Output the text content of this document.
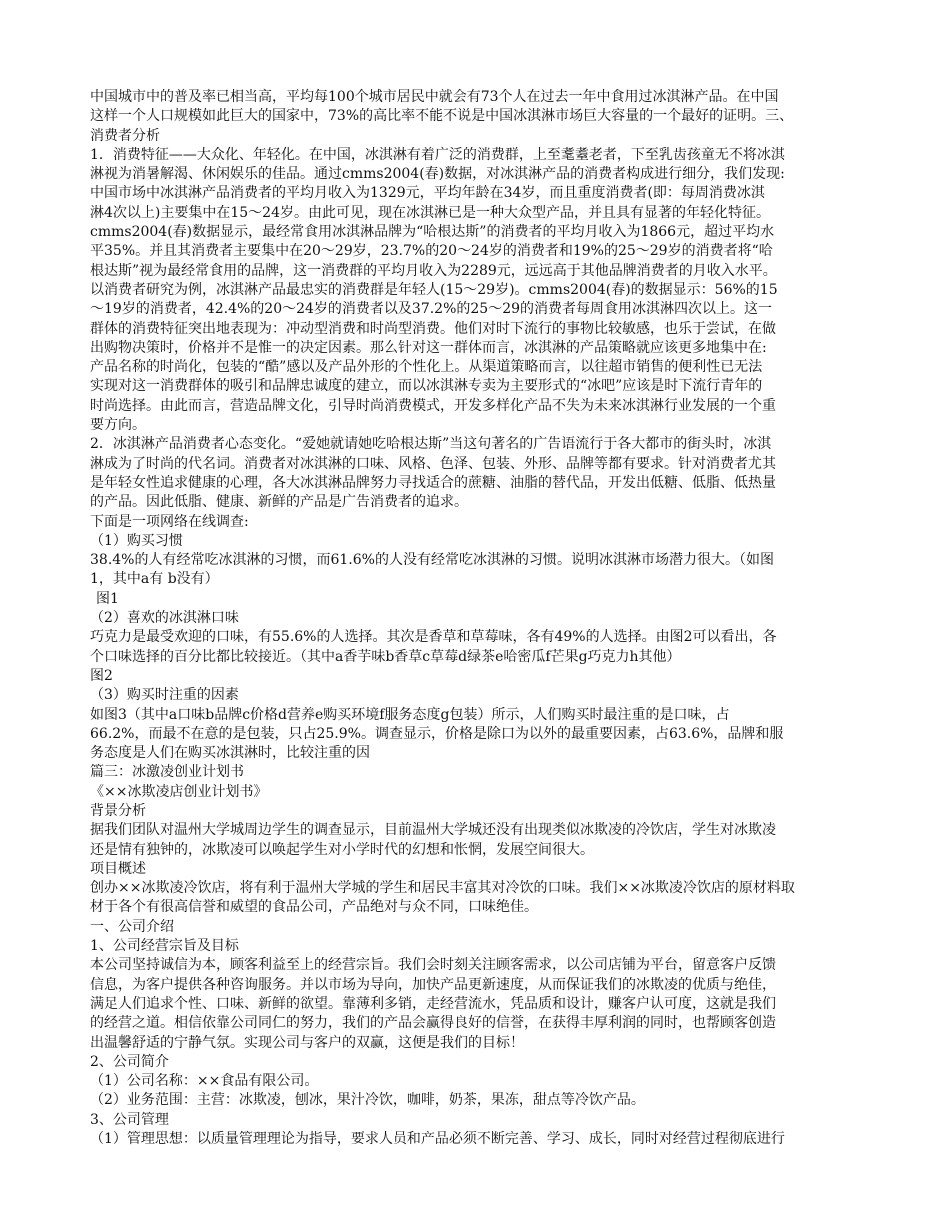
中国城市中的普及率已相当高，平均每100个城市居民中就会有73个人在过去一年中食用过冰淇淋产品。在中国
这样一个人口规模如此巨大的国家中，73%的高比率不能不说是中国冰淇淋市场巨大容量的一个最好的证明。三、
消费者分析
1．消费特征——大众化、年轻化。在中国，冰淇淋有着广泛的消费群，上至耄耋老者，下至乳齿孩童无不将冰淇
淋视为消暑解渴、休闲娱乐的佳品。通过cmms2004(春)数据，对冰淇淋产品的消费者构成进行细分，我们发现:
中国市场中冰淇淋产品消费者的平均月收入为1329元，平均年龄在34岁，而且重度消费者(即：每周消费冰淇
淋4次以上)主要集中在15～24岁。由此可见，现在冰淇淋已是一种大众型产品，并且具有显著的年轻化特征。
cmms2004(春)数据显示，最经常食用冰淇淋品牌为“哈根达斯”的消费者的平均月收入为1866元，超过平均水
平35%。并且其消费者主要集中在20～29岁，23.7%的20～24岁的消费者和19%的25～29岁的消费者将“哈
根达斯”视为最经常食用的品牌，这一消费群的平均月收入为2289元，远远高于其他品牌消费者的月收入水平。
以消费者研究为例，冰淇淋产品最忠实的消费群是年轻人(15～29岁)。cmms2004(春)的数据显示：56%的15
～19岁的消费者，42.4%的20～24岁的消费者以及37.2%的25～29的消费者每周食用冰淇淋四次以上。这一
群体的消费特征突出地表现为：冲动型消费和时尚型消费。他们对时下流行的事物比较敏感，也乐于尝试，在做
出购物决策时，价格并不是惟一的决定因素。那么针对这一群体而言，冰淇淋的产品策略就应该更多地集中在:
产品名称的时尚化，包装的“酷”感以及产品外形的个性化上。从渠道策略而言，以往超市销售的便利性已无法
实现对这一消费群体的吸引和品牌忠诚度的建立，而以冰淇淋专卖为主要形式的“冰吧”应该是时下流行青年的
时尚选择。由此而言，营造品牌文化，引导时尚消费模式，开发多样化产品不失为未来冰淇淋行业发展的一个重
要方向。
2．冰淇淋产品消费者心态变化。“爱她就请她吃哈根达斯”当这句著名的广告语流行于各大都市的街头时，冰淇
淋成为了时尚的代名词。消费者对冰淇淋的口味、风格、色泽、包装、外形、品牌等都有要求。针对消费者尤其
是年轻女性追求健康的心理，各大冰淇淋品牌努力寻找适合的蔗糖、油脂的替代品，开发出低糖、低脂、低热量
的产品。因此低脂、健康、新鲜的产品是广告消费者的追求。
下面是一项网络在线调查:
（1）购买习惯
38.4%的人有经常吃冰淇淋的习惯，而61.6%的人没有经常吃冰淇淋的习惯。说明冰淇淋市场潜力很大。（如图
1，其中a有 b没有）
图1
（2）喜欢的冰淇淋口味
巧克力是最受欢迎的口味，有55.6%的人选择。其次是香草和草莓味，各有49%的人选择。由图2可以看出，各
个口味选择的百分比都比较接近。（其中a香芋味b香草c草莓d绿茶e哈密瓜f芒果g巧克力h其他）
图2
（3）购买时注重的因素
如图3（其中a口味b品牌c价格d营养e购买环境f服务态度g包装）所示，人们购买时最注重的是口味，占
66.2%，而最不在意的是包装，只占25.9%。调查显示，价格是除口为以外的最重要因素，占63.6%，品牌和服
务态度是人们在购买冰淇淋时，比较注重的因
篇三：冰激凌创业计划书
《××冰欺凌店创业计划书》
背景分析
据我们团队对温州大学城周边学生的调查显示，目前温州大学城还没有出现类似冰欺凌的冷饮店，学生对冰欺凌
还是情有独钟的，冰欺凌可以唤起学生对小学时代的幻想和怅惘，发展空间很大。
项目概述
创办××冰欺凌冷饮店，将有利于温州大学城的学生和居民丰富其对冷饮的口味。我们××冰欺凌冷饮店的原材料取
材于各个有很高信誉和威望的食品公司，产品绝对与众不同，口味绝佳。
一、公司介绍
1、公司经营宗旨及目标
本公司坚持诚信为本，顾客利益至上的经营宗旨。我们会时刻关注顾客需求，以公司店铺为平台，留意客户反馈
信息，为客户提供各种咨询服务。并以市场为导向，加快产品更新速度，从而保证我们的冰欺凌的优质与绝佳，
满足人们追求个性、口味、新鲜的欲望。靠薄利多销，走经营流水，凭品质和设计，赚客户认可度，这就是我们
的经营之道。相信依靠公司同仁的努力，我们的产品会赢得良好的信誉，在获得丰厚利润的同时，也帮顾客创造
出温馨舒适的宁静气氛。实现公司与客户的双赢，这便是我们的目标！
2、公司简介
（1）公司名称：××食品有限公司。
（2）业务范围：主营：冰欺凌，刨冰，果汁冷饮，咖啡，奶茶，果冻，甜点等冷饮产品。
3、公司管理
（1）管理思想：以质量管理理论为指导，要求人员和产品必须不断完善、学习、成长，同时对经营过程彻底进行
